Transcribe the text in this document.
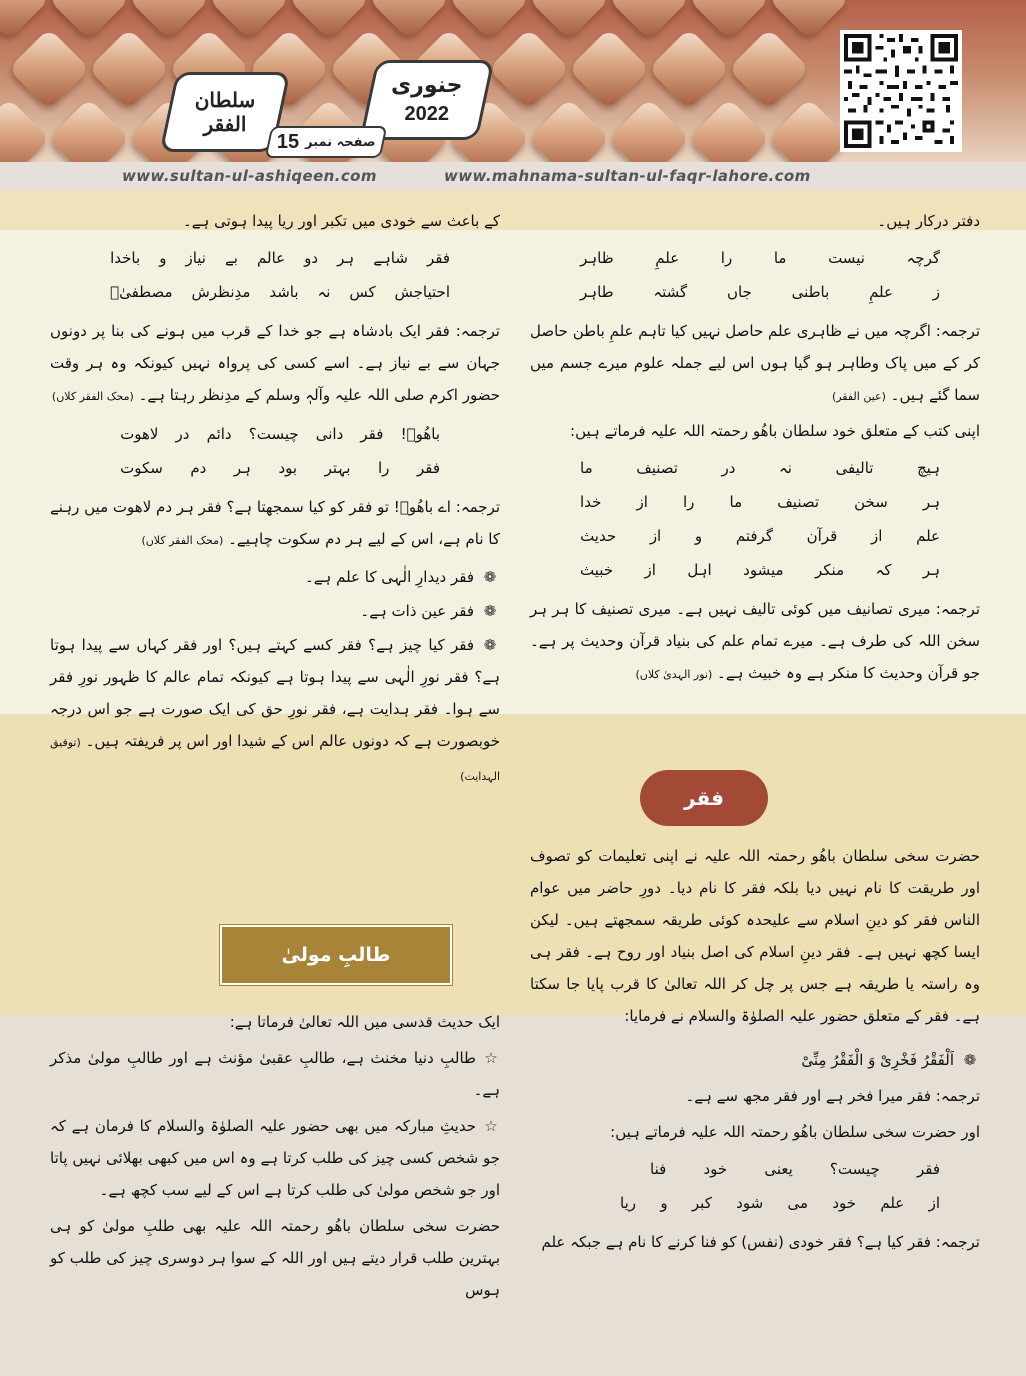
سلطان الفقر
جنوری
2022
صفحہ نمبر
15
www.sultan-ul-ashiqeen.com	www.mahnama-sultan-ul-faqr-lahore.com
دفتر درکار ہیں۔
گرچہ
نیست
ما
را
علمِ
ظاہر
ز
علمِ
باطنی
جاں
گشتہ
طاہر
ترجمہ: اگرچہ میں نے ظاہری علم حاصل نہیں کیا تاہم علمِ باطن حاصل کر کے میں پاک وطاہر ہو گیا ہوں اس لیے جملہ علوم میرے جسم میں سما گئے ہیں۔ (عین الفقر)
اپنی کتب کے متعلق خود سلطان باھُو رحمتہ اللہ علیہ فرماتے ہیں:
ہیچ
تالیفی
نہ
در
تصنیف
ما
ہر
سخن
تصنیف
ما
را
از
خدا
علم
از
قرآن
گرفتم
و
از
حدیث
ہر
کہ
منکر
میشود
اہل
از
خبیث
ترجمہ: میری تصانیف میں کوئی تالیف نہیں ہے۔ میری تصنیف کا ہر ہر سخن اللہ کی طرف ہے۔ میرے تمام علم کی بنیاد قرآن وحدیث پر ہے۔ جو قرآن وحدیث کا منکر ہے وہ خبیث ہے۔ (نور الہدیٰ کلاں)
فقر
حضرت سخی سلطان باھُو رحمتہ اللہ علیہ نے اپنی تعلیمات کو تصوف اور طریقت کا نام نہیں دیا بلکہ فقر کا نام دیا۔ دورِ حاضر میں عوام الناس فقر کو دینِ اسلام سے علیحدہ کوئی طریقہ سمجھتے ہیں۔ لیکن ایسا کچھ نہیں ہے۔ فقر دینِ اسلام کی اصل بنیاد اور روح ہے۔ فقر ہی وہ راستہ یا طریقہ ہے جس پر چل کر اللہ تعالیٰ کا قرب پایا جا سکتا ہے۔ فقر کے متعلق حضور علیہ الصلوٰۃ والسلام نے فرمایا:
❁اَلْفَقْرُ فَخْرِیْ وَ الْفَقْرُ مِنِّیْ
ترجمہ: فقر میرا فخر ہے اور فقر مجھ سے ہے۔
اور حضرت سخی سلطان باھُو رحمتہ اللہ علیہ فرماتے ہیں:
فقر
چیست؟
یعنی
خود
فنا
از
علم
خود
می
شود
کبر
و
ریا
ترجمہ: فقر کیا ہے؟ فقر خودی (نفس) کو فنا کرنے کا نام ہے جبکہ علم
کے باعث سے خودی میں تکبر اور ریا پیدا ہوتی ہے۔
فقر
شاہے
ہر
دو
عالم
بے
نیاز
و
باخدا
احتیاجش
کس
نہ
باشد
مدِنظرش
مصطفیٰؐ
ترجمہ: فقر ایک بادشاہ ہے جو خدا کے قرب میں ہونے کی بنا پر دونوں جہان سے بے نیاز ہے۔ اسے کسی کی پرواہ نہیں کیونکہ وہ ہر وقت حضور اکرم صلی اللہ علیہ وآلہٖ وسلم کے مدِنظر رہتا ہے۔ (محک الفقر کلاں)
باھُوؒ!
فقر
دانی
چیست؟
دائم
در
لاھوت
فقر
را
بہتر
بود
ہر
دم
سکوت
ترجمہ: اے باھُوؒ! تو فقر کو کیا سمجھتا ہے؟ فقر ہر دم لاھوت میں رہنے کا نام ہے، اس کے لیے ہر دم سکوت چاہیے۔ (محک الفقر کلاں)
❁فقر دیدارِ الٰہی کا علم ہے۔
❁فقر عین ذات ہے۔
❁فقر کیا چیز ہے؟ فقر کسے کہتے ہیں؟ اور فقر کہاں سے پیدا ہوتا ہے؟ فقر نورِ الٰہی سے پیدا ہوتا ہے کیونکہ تمام عالم کا ظہور نورِ فقر سے ہوا۔ فقر ہدایت ہے، فقر نورِ حق کی ایک صورت ہے جو اس درجہ خوبصورت ہے کہ دونوں عالم اس کے شیدا اور اس پر فریفتہ ہیں۔ (توفیق الہدایت)
طالبِ مولیٰ
ایک حدیث قدسی میں اللہ تعالیٰ فرماتا ہے:
☆طالبِ دنیا مخنث ہے، طالبِ عقبیٰ مؤنث ہے اور طالبِ مولیٰ مذکر ہے۔
☆حدیثِ مبارکہ میں بھی حضور علیہ الصلوٰۃ والسلام کا فرمان ہے کہ جو شخص کسی چیز کی طلب کرتا ہے وہ اس میں کبھی بھلائی نہیں پاتا اور جو شخص مولیٰ کی طلب کرتا ہے اس کے لیے سب کچھ ہے۔
حضرت سخی سلطان باھُو رحمتہ اللہ علیہ بھی طلبِ مولیٰ کو ہی بہترین طلب قرار دیتے ہیں اور اللہ کے سوا ہر دوسری چیز کی طلب کو ہوس
